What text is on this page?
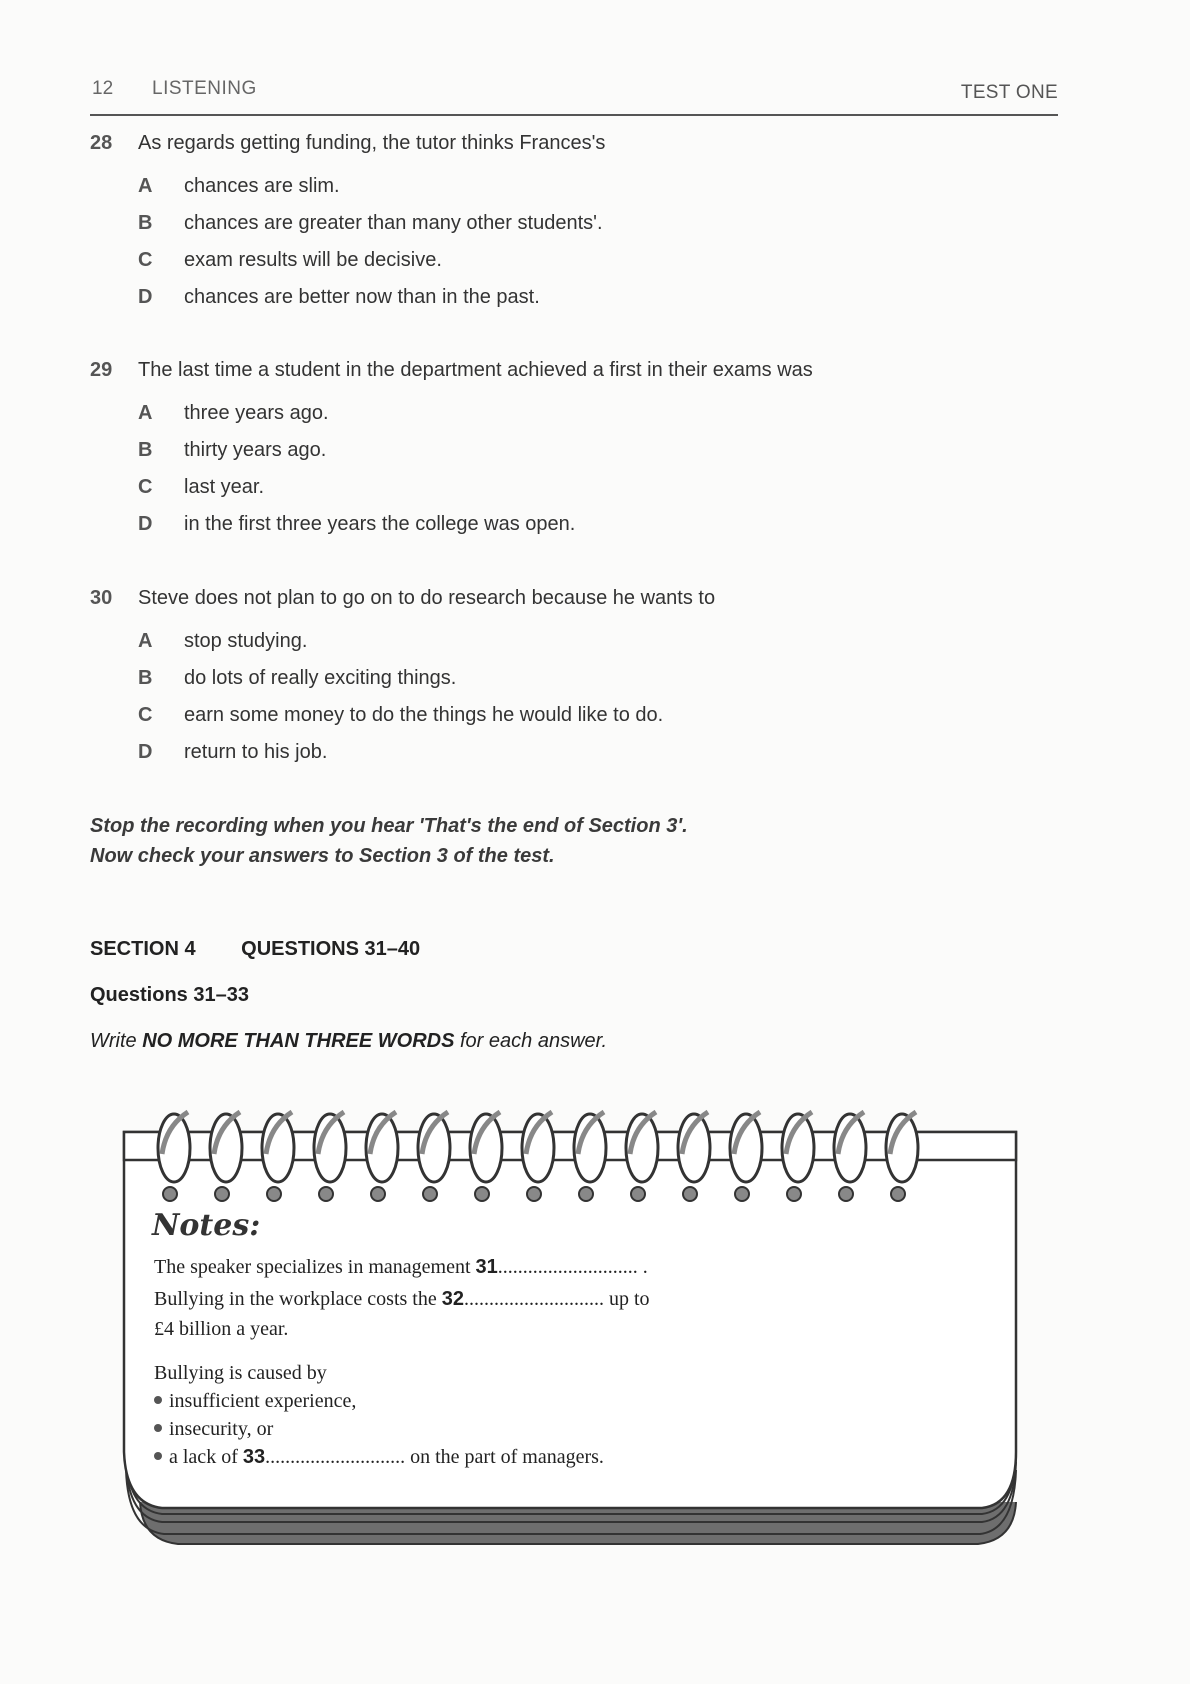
12 LISTENING	TEST ONE
28 As regards getting funding, the tutor thinks Frances's
A chances are slim.
B chances are greater than many other students'.
C exam results will be decisive.
D chances are better now than in the past.
29 The last time a student in the department achieved a first in their exams was
A three years ago.
B thirty years ago.
C last year.
D in the first three years the college was open.
30 Steve does not plan to go on to do research because he wants to
A stop studying.
B do lots of really exciting things.
C earn some money to do the things he would like to do.
D return to his job.
Stop the recording when you hear 'That's the end of Section 3'.
Now check your answers to Section 3 of the test.
SECTION 4 QUESTIONS 31–40
Questions 31–33
Write NO MORE THAN THREE WORDS for each answer.
Notes:
The speaker specializes in management 31............................ .
Bullying in the workplace costs the 32............................ up to
£4 billion a year.
Bullying is caused by
insufficient experience,
insecurity, or
a lack of 33............................ on the part of managers.
